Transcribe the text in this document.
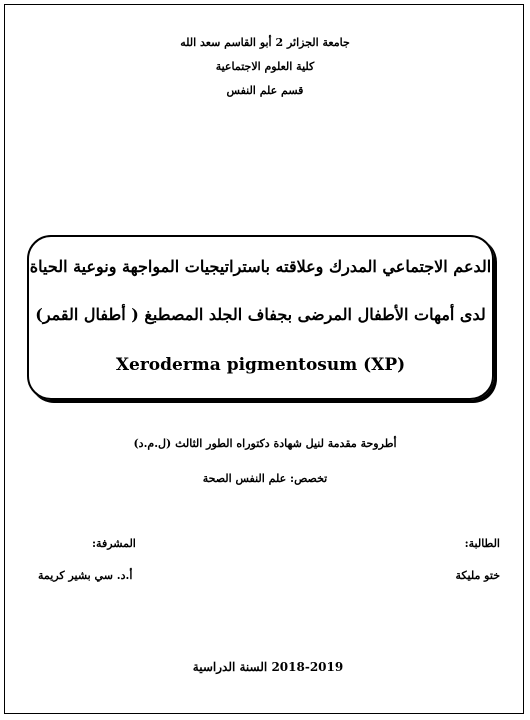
جامعة الجزائر 2 أبو القاسم سعد الله
كلية العلوم الاجتماعية
قسم علم النفس
الدعم الاجتماعي المدرك وعلاقته باستراتيجيات المواجهة ونوعية الحياة
لدى أمهات الأطفال المرضى بجفاف الجلد المصطبغ ( أطفال القمر)
Xeroderma pigmentosum (XP)
أطروحة مقدمة لنيل شهادة دكتوراه الطور الثالث (ل.م.د)
تخصص: علم النفس الصحة
الطالبة:
المشرفة:
ختو مليكة
أ.د. سي بشير كريمة
السنة الدراسية 2018-2019
